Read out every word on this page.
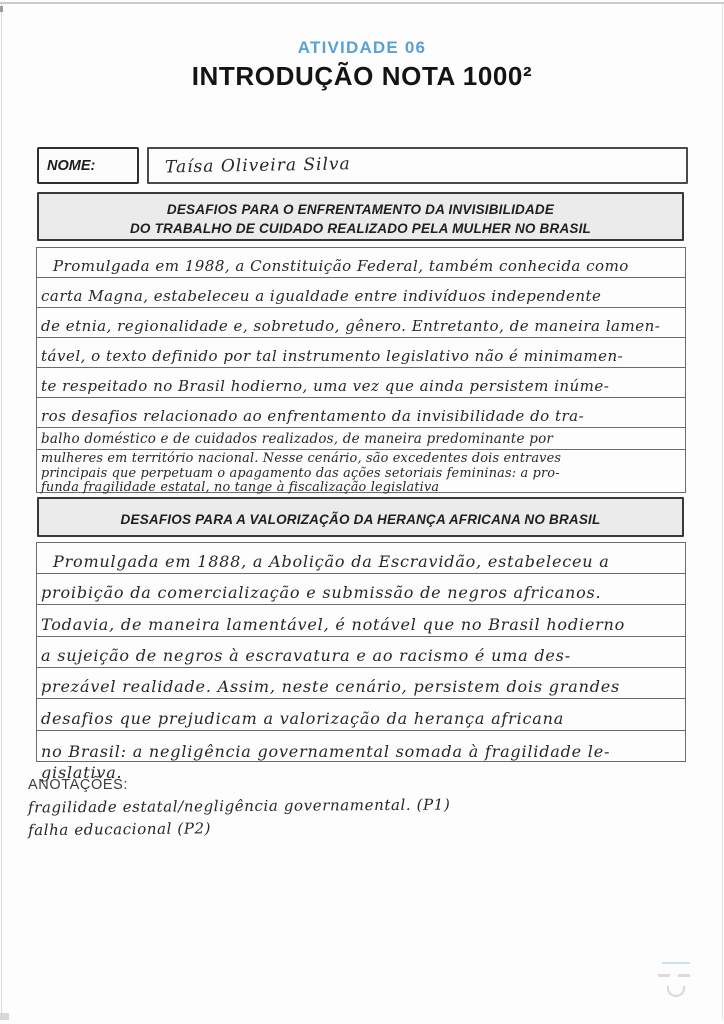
ATIVIDADE 06
INTRODUÇÃO NOTA 1000²
NOME:	Taísa Oliveira Silva
DESAFIOS PARA O ENFRENTAMENTO DA INVISIBILIDADE
DO TRABALHO DE CUIDADO REALIZADO PELA MULHER NO BRASIL
Promulgada em 1988, a Constituição Federal, também conhecida como
carta Magna, estabeleceu a igualdade entre indivíduos independente
de etnia, regionalidade e, sobretudo, gênero. Entretanto, de maneira lamen-
tável, o texto definido por tal instrumento legislativo não é minimamen-
te respeitado no Brasil hodierno, uma vez que ainda persistem inúme-
ros desafios relacionado ao enfrentamento da invisibilidade do tra-
balho doméstico e de cuidados realizados, de maneira predominante por
mulheres em território nacional. Nesse cenário, são excedentes dois entraves
principais que perpetuam o apagamento das ações setoriais femininas: a pro-
funda fragilidade estatal, no tange à fiscalização legislativa
DESAFIOS PARA A VALORIZAÇÃO DA HERANÇA AFRICANA NO BRASIL
Promulgada em 1888, a Abolição da Escravidão, estabeleceu a
proibição da comercialização e submissão de negros africanos.
Todavia, de maneira lamentável, é notável que no Brasil hodierno
a sujeição de negros à escravatura e ao racismo é uma des-
prezável realidade. Assim, neste cenário, persistem dois grandes
desafios que prejudicam a valorização da herança africana
no Brasil: a negligência governamental somada à fragilidade le-
gislativa.
ANOTAÇÕES:
fragilidade estatal/negligência governamental. (P1)
falha educacional (P2)
